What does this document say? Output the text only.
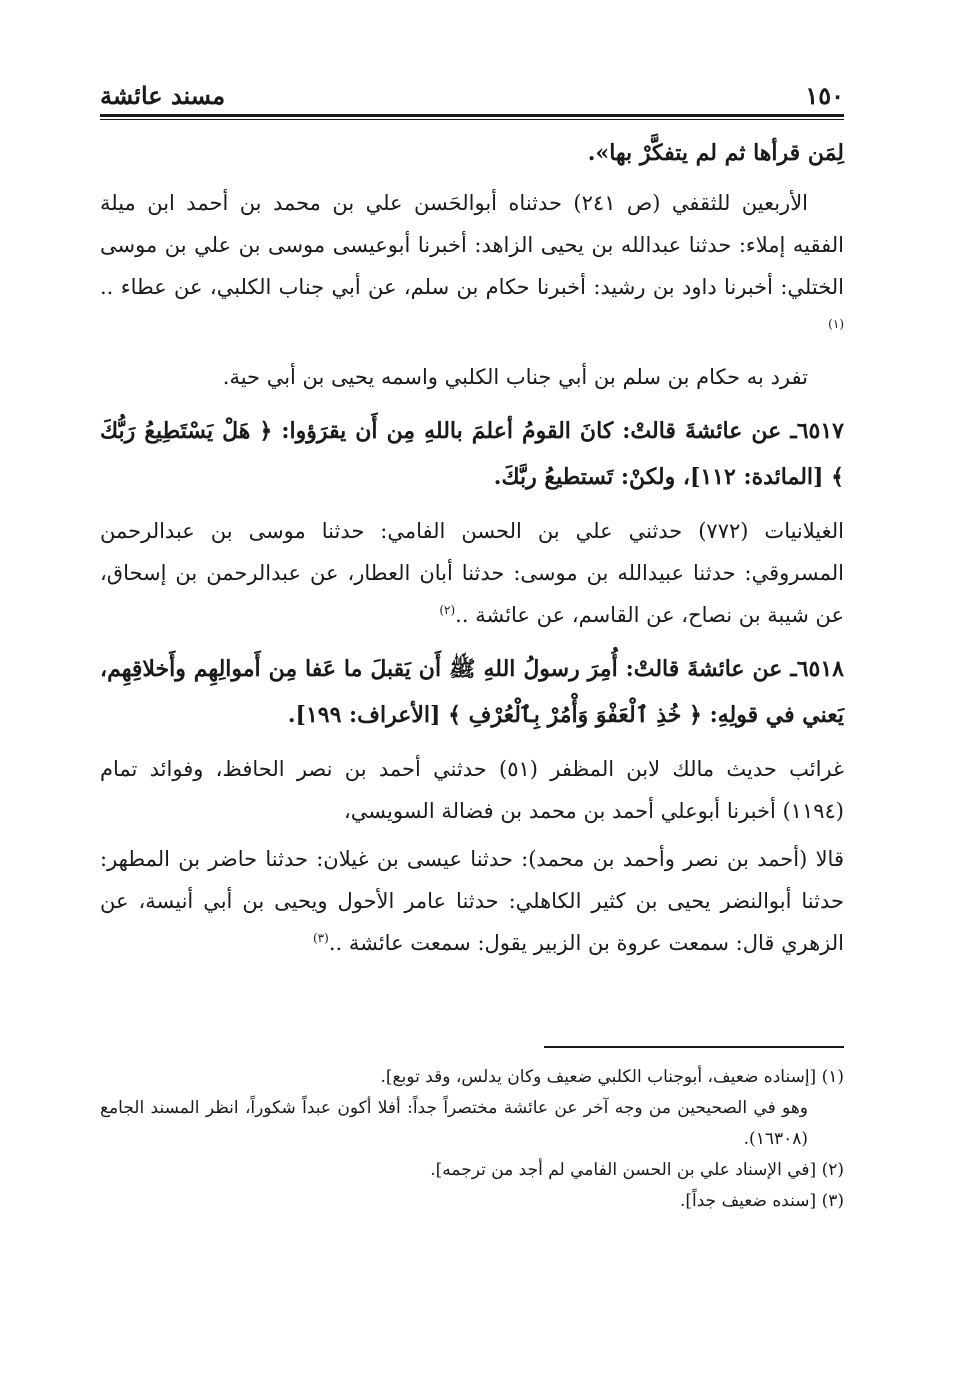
مسند عائشة	١٥٠

لِمَن قرأها ثم لم يتفكَّرْ بها».

الأربعين للثقفي (ص ٢٤١) حدثناه أبوالحَسن علي بن محمد بن أحمد ابن ميلة الفقيه إملاء: حدثنا عبدالله بن يحيى الزاهد: أخبرنا أبوعيسى موسى بن علي بن موسى الختلي: أخبرنا داود بن رشيد: أخبرنا حكام بن سلم، عن أبي جناب الكلبي، عن عطاء ..$^{(١)}$

تفرد به حكام بن سلم بن أبي جناب الكلبي واسمه يحيى بن أبي حية.

٦٥١٧ـ عن عائشةَ قالتْ: كانَ القومُ أعلمَ باللهِ مِن أَن يقرَؤوا: ﴿ هَلْ يَسْتَطِيعُ رَبُّكَ ﴾ [المائدة: ١١٢]، ولكنْ: تَستطيعُ ربَّكَ.

الغيلانيات (٧٧٢) حدثني علي بن الحسن الفامي: حدثنا موسى بن عبدالرحمن المسروقي: حدثنا عبيدالله بن موسى: حدثنا أبان العطار، عن عبدالرحمن بن إسحاق، عن شيبة بن نصاح، عن القاسم، عن عائشة ..$^{(٢)}$

٦٥١٨ـ عن عائشةَ قالتْ: أُمِرَ رسولُ اللهِ ﷺ أَن يَقبلَ ما عَفا مِن أَموالِهِم وأَخلاقِهِم، يَعني في قولِهِ: ﴿ خُذِ ٱلْعَفْوَ وَأْمُرْ بِٱلْعُرْفِ ﴾ [الأعراف: ١٩٩].

غرائب حديث مالك لابن المظفر (٥١) حدثني أحمد بن نصر الحافظ، وفوائد تمام (١١٩٤) أخبرنا أبوعلي أحمد بن محمد بن فضالة السويسي،

قالا (أحمد بن نصر وأحمد بن محمد): حدثنا عيسى بن غيلان: حدثنا حاضر بن المطهر: حدثنا أبوالنضر يحيى بن كثير الكاهلي: حدثنا عامر الأحول ويحيى بن أبي أنيسة، عن الزهري قال: سمعت عروة بن الزبير يقول: سمعت عائشة ..$^{(٣)}$

(١) [إسناده ضعيف، أبوجناب الكلبي ضعيف وكان يدلس، وقد توبع].

وهو في الصحيحين من وجه آخر عن عائشة مختصراً جداً: أفلا أكون عبداً شكوراً، انظر المسند الجامع (١٦٣٠٨).

(٢) [في الإسناد علي بن الحسن الفامي لم أجد من ترجمه].

(٣) [سنده ضعيف جداً].
